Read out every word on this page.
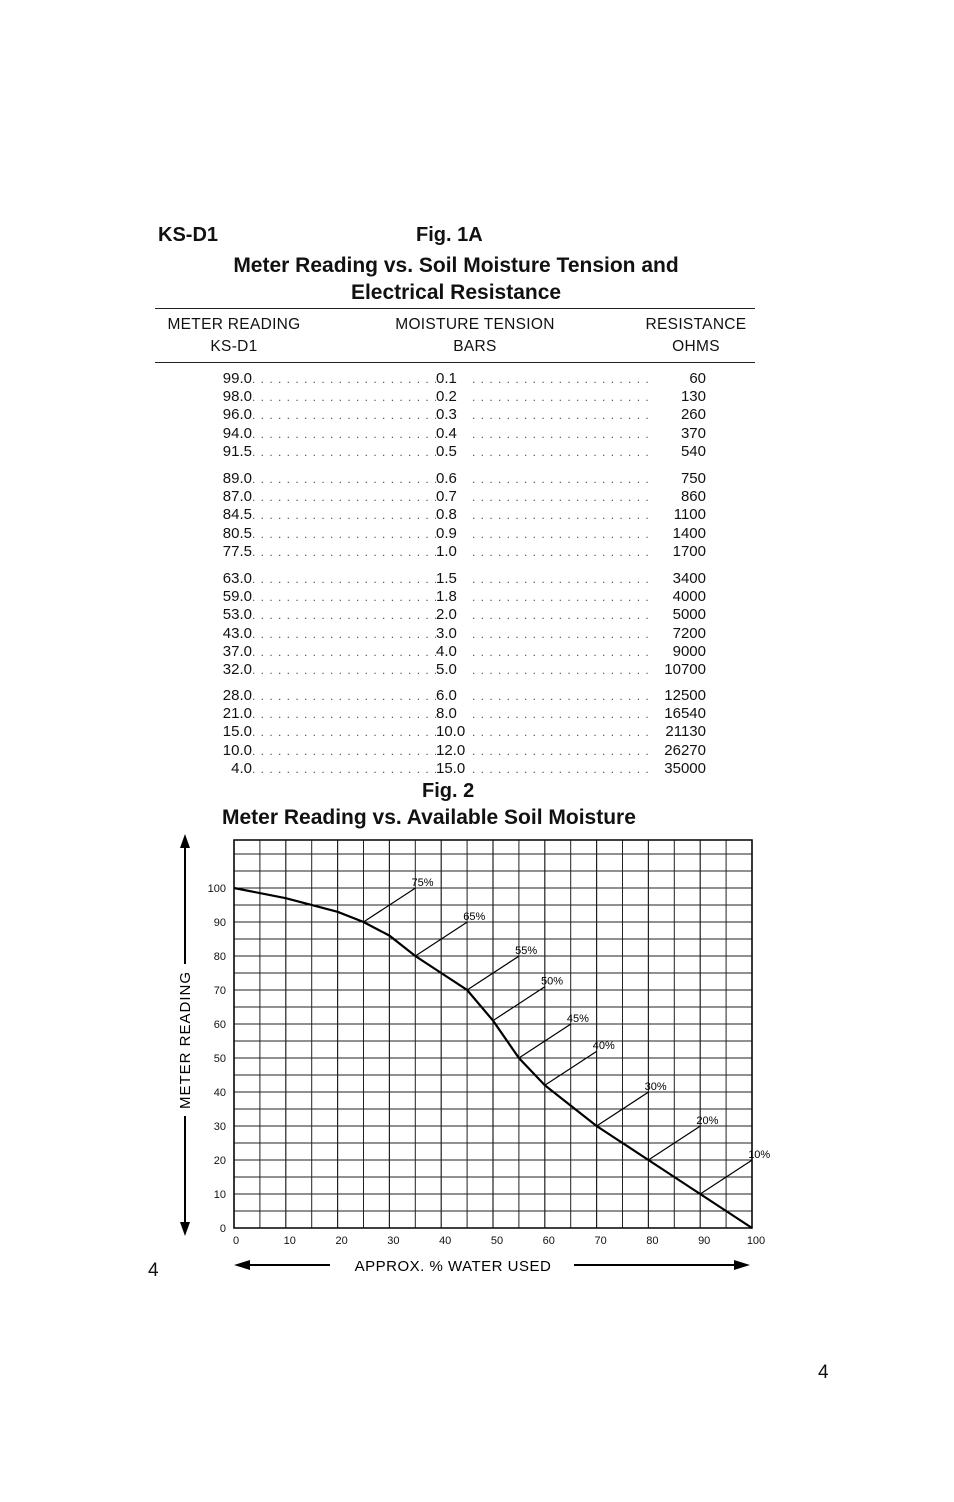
KS-D1	Fig. 1A
Meter Reading vs. Soil Moisture Tension and
Electrical Resistance
METER READING
KS-D1
MOISTURE TENSION
BARS
RESISTANCE
OHMS
99.0 . . .	0.1 . . .	60
98.0 . . .	0.2 . . .	130
96.0 . . .	0.3 . . .	260
94.0 . . .	0.4 . . .	370
91.5 . . .	0.5 . . .	540
89.0 . . .	0.6 . . .	750
87.0 . . .	0.7 . . .	860
84.5 . . .	0.8 . . .	1100
80.5 . . .	0.9 . . .	1400
77.5 . . .	1.0 . . .	1700
63.0 . . .	1.5 . . .	3400
59.0 . . .	1.8 . . .	4000
53.0 . . .	2.0 . . .	5000
43.0 . . .	3.0 . . .	7200
37.0 . . .	4.0 . . .	9000
32.0 . . .	5.0 . . .	10700
28.0 . . .	6.0 . . .	12500
21.0 . . .	8.0 . . .	16540
15.0 . . .	10.0 . . .	21130
10.0 . . .	12.0 . . .	26270
4.0 . . .	15.0 . . .	35000
Fig. 2
Meter Reading vs. Available Soil Moisture
0	10	20	30	40	50	60	70	80	90	100
0
10
20
30
40
50
60
70
80
90
100	75%
65%
55%
50%
45%
40%
30%
20%
10%
METER READING
APPROX. % WATER USED
4
4
